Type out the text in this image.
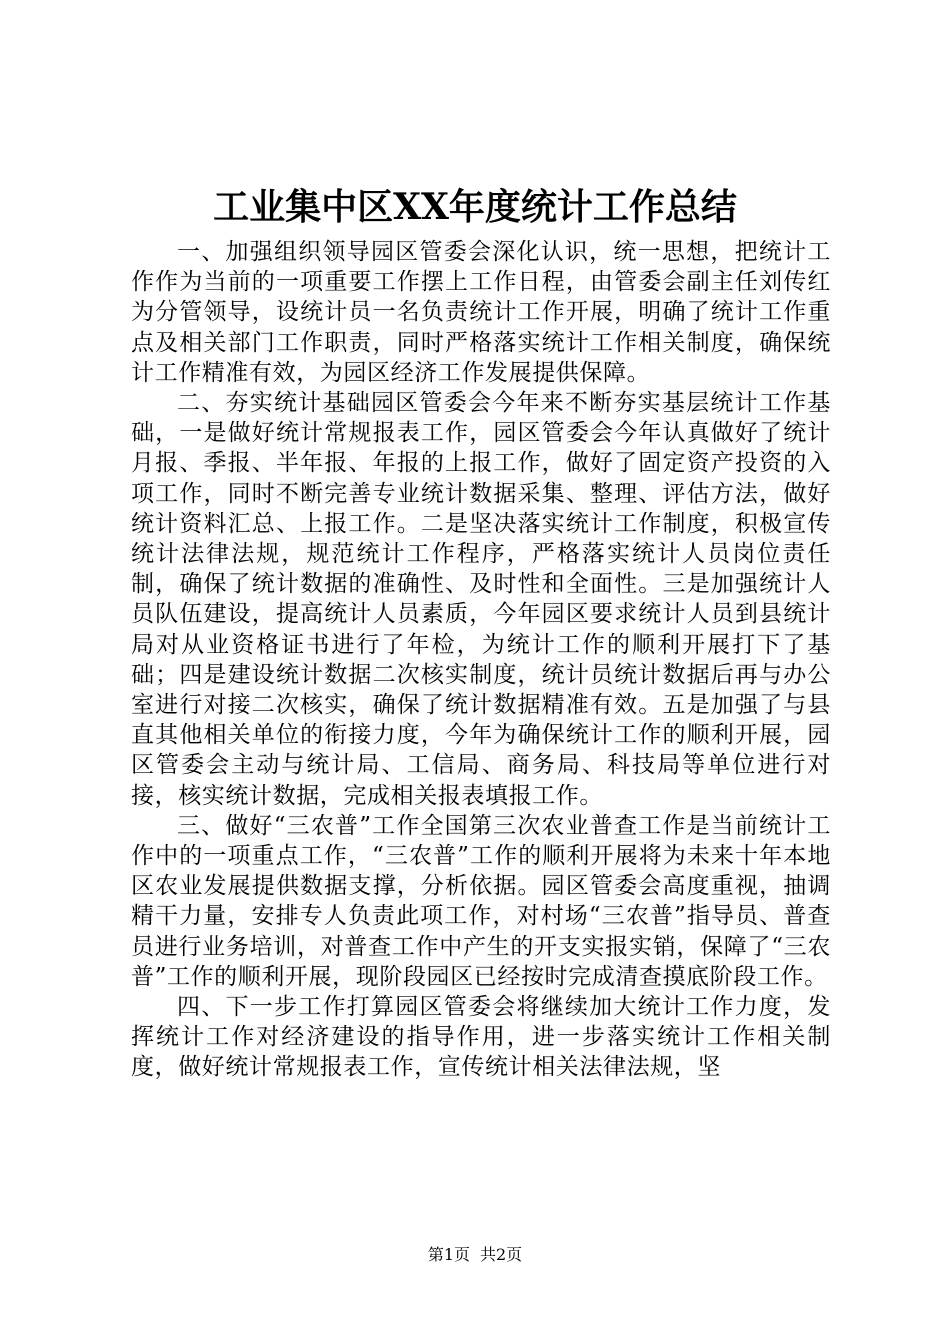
工业集中区XX年度统计工作总结

一、加强组织领导园区管委会深化认识，统一思想，把统计工作作为当前的一项重要工作摆上工作日程，由管委会副主任刘传红为分管领导，设统计员一名负责统计工作开展，明确了统计工作重点及相关部门工作职责，同时严格落实统计工作相关制度，确保统计工作精准有效，为园区经济工作发展提供保障。

二、夯实统计基础园区管委会今年来不断夯实基层统计工作基础，一是做好统计常规报表工作，园区管委会今年认真做好了统计月报、季报、半年报、年报的上报工作，做好了固定资产投资的入项工作，同时不断完善专业统计数据采集、整理、评估方法，做好统计资料汇总、上报工作。二是坚决落实统计工作制度，积极宣传统计法律法规，规范统计工作程序，严格落实统计人员岗位责任制，确保了统计数据的准确性、及时性和全面性。三是加强统计人员队伍建设，提高统计人员素质，今年园区要求统计人员到县统计局对从业资格证书进行了年检，为统计工作的顺利开展打下了基础；四是建设统计数据二次核实制度，统计员统计数据后再与办公室进行对接二次核实，确保了统计数据精准有效。五是加强了与县直其他相关单位的衔接力度，今年为确保统计工作的顺利开展，园区管委会主动与统计局、工信局、商务局、科技局等单位进行对接，核实统计数据，完成相关报表填报工作。

三、做好“三农普”工作全国第三次农业普查工作是当前统计工作中的一项重点工作，“三农普”工作的顺利开展将为未来十年本地区农业发展提供数据支撑，分析依据。园区管委会高度重视，抽调精干力量，安排专人负责此项工作，对村场“三农普”指导员、普查员进行业务培训，对普查工作中产生的开支实报实销，保障了“三农普”工作的顺利开展，现阶段园区已经按时完成清查摸底阶段工作。

四、下一步工作打算园区管委会将继续加大统计工作力度，发挥统计工作对经济建设的指导作用，进一步落实统计工作相关制度，做好统计常规报表工作，宣传统计相关法律法规，坚

第1页 共2页
